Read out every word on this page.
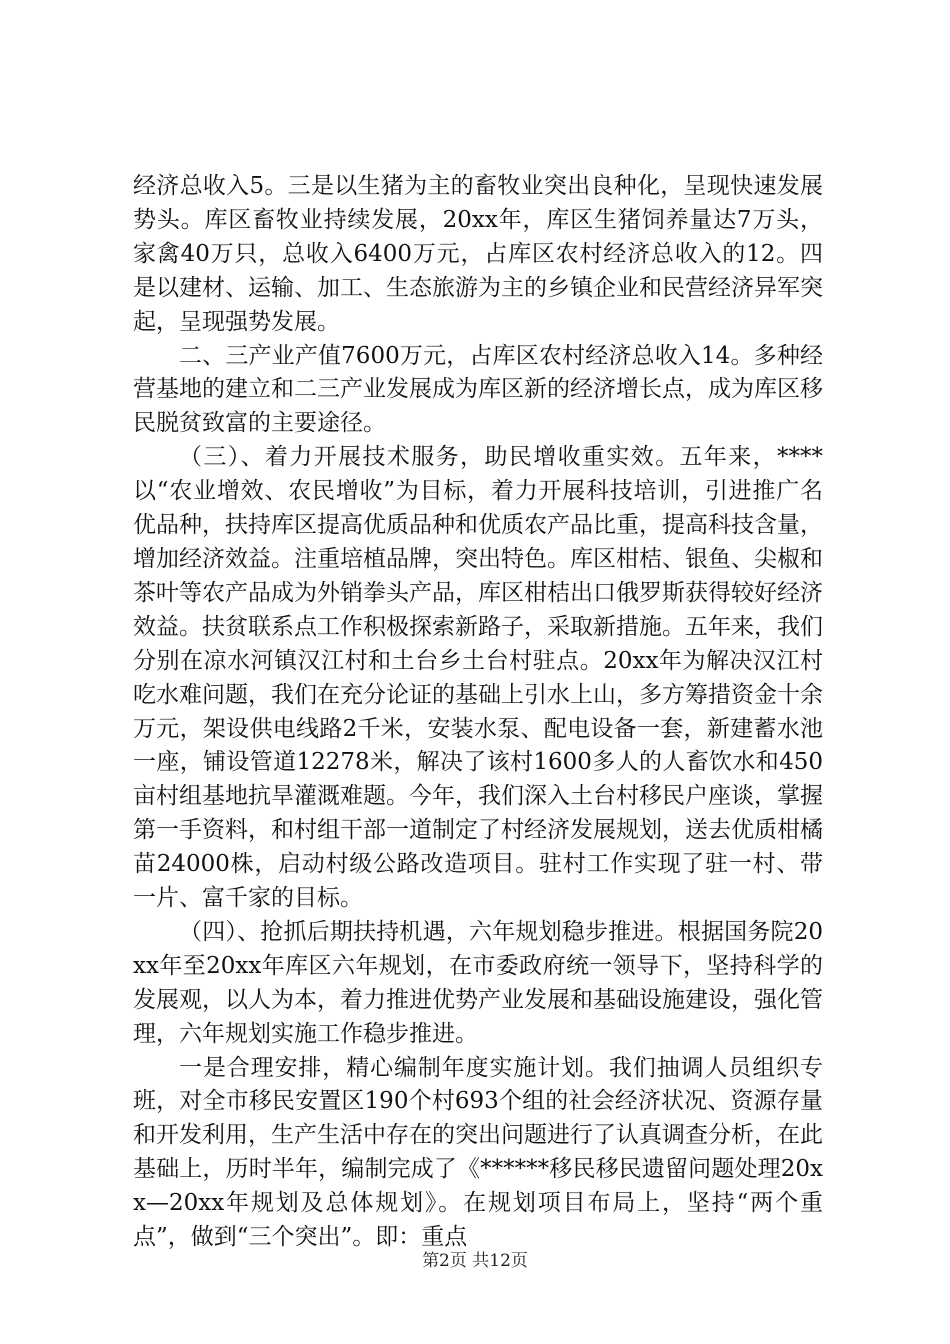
经济总收入5。三是以生猪为主的畜牧业突出良种化，呈现快速发展势头。库区畜牧业持续发展，20xx年，库区生猪饲养量达7万头，家禽40万只，总收入6400万元，占库区农村经济总收入的12。四是以建材、运输、加工、生态旅游为主的乡镇企业和民营经济异军突起，呈现强势发展。

二、三产业产值7600万元，占库区农村经济总收入14。多种经营基地的建立和二三产业发展成为库区新的经济增长点，成为库区移民脱贫致富的主要途径。

（三）、着力开展技术服务，助民增收重实效。五年来，****以“农业增效、农民增收”为目标，着力开展科技培训，引进推广名优品种，扶持库区提高优质品种和优质农产品比重，提高科技含量，增加经济效益。注重培植品牌，突出特色。库区柑桔、银鱼、尖椒和茶叶等农产品成为外销拳头产品，库区柑桔出口俄罗斯获得较好经济效益。扶贫联系点工作积极探索新路子，采取新措施。五年来，我们分别在凉水河镇汉江村和土台乡土台村驻点。20xx年为解决汉江村吃水难问题，我们在充分论证的基础上引水上山，多方筹措资金十余万元，架设供电线路2千米，安装水泵、配电设备一套，新建蓄水池一座，铺设管道12278米，解决了该村1600多人的人畜饮水和450亩村组基地抗旱灌溉难题。今年，我们深入土台村移民户座谈，掌握第一手资料，和村组干部一道制定了村经济发展规划，送去优质柑橘苗24000株，启动村级公路改造项目。驻村工作实现了驻一村、带一片、富千家的目标。

（四）、抢抓后期扶持机遇，六年规划稳步推进。根据国务院20xx年至20xx年库区六年规划，在市委政府统一领导下，坚持科学的发展观，以人为本，着力推进优势产业发展和基础设施建设，强化管理，六年规划实施工作稳步推进。

一是合理安排，精心编制年度实施计划。我们抽调人员组织专班，对全市移民安置区190个村693个组的社会经济状况、资源存量和开发利用，生产生活中存在的突出问题进行了认真调查分析，在此基础上，历时半年，编制完成了《******移民移民遗留问题处理20xx—20xx年规划及总体规划》。在规划项目布局上，坚持“两个重点”，做到“三个突出”。即：重点

第2页 共12页
